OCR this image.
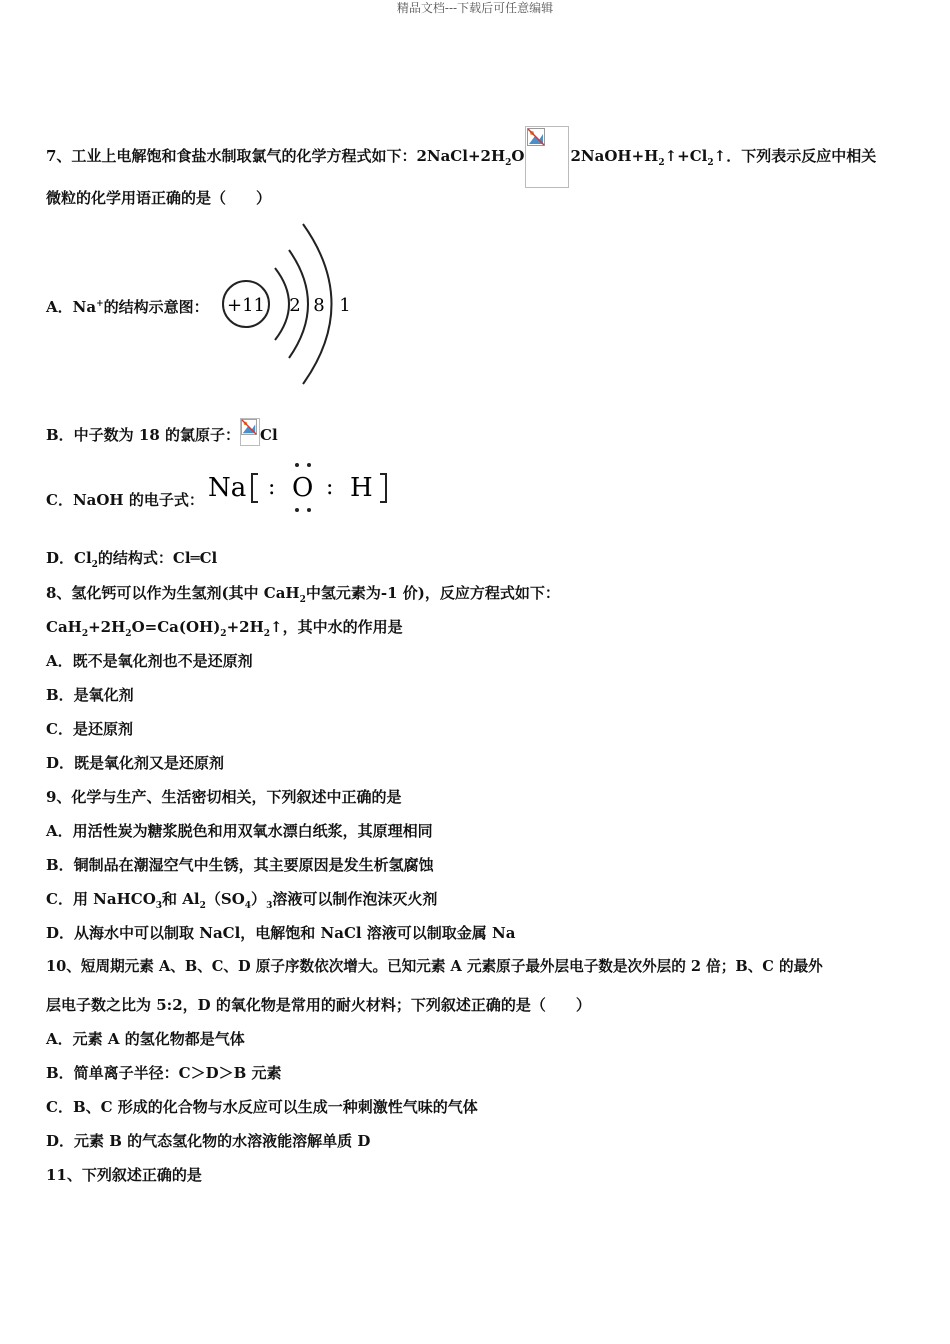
精品文档---下载后可任意编辑
7、工业上电解饱和食盐水制取氯气的化学方程式如下：$2NaCl+2H_2O$	$2NaOH+H_2↑+Cl_2↑$．下列表示反应中相关
微粒的化学用语正确的是（　　）
A．Na+的结构示意图： +11 2 8 1
B．中子数为 18 的氯原子： Cl
C．NaOH 的电子式： Na : O : H
D．$Cl_2$的结构式：Cl═Cl
8、氢化钙可以作为生氢剂(其中 CaH$_2$中氢元素为-1 价)，反应方程式如下：
$CaH_2+2H_2O=Ca(OH)_2+2H_2↑$，其中水的作用是
A．既不是氧化剂也不是还原剂
B．是氧化剂
C．是还原剂
D．既是氧化剂又是还原剂
9、化学与生产、生活密切相关，下列叙述中正确的是
A．用活性炭为糖浆脱色和用双氧水漂白纸浆，其原理相同
B．铜制品在潮湿空气中生锈，其主要原因是发生析氢腐蚀
C．用 NaHCO$_3$和 $Al_2(SO_4)_3$溶液可以制作泡沫灭火剂
D．从海水中可以制取 NaCl，电解饱和 NaCl 溶液可以制取金属 Na
10、短周期元素 A、B、C、D 原子序数依次增大。已知元素 A 元素原子最外层电子数是次外层的 2 倍；B、C 的最外
层电子数之比为 5:2，D 的氧化物是常用的耐火材料；下列叙述正确的是（　　）
A．元素 A 的氢化物都是气体
B．简单离子半径：C＞D＞B 元素
C．B、C 形成的化合物与水反应可以生成一种刺激性气味的气体
D．元素 B 的气态氢化物的水溶液能溶解单质 D
11、下列叙述正确的是
